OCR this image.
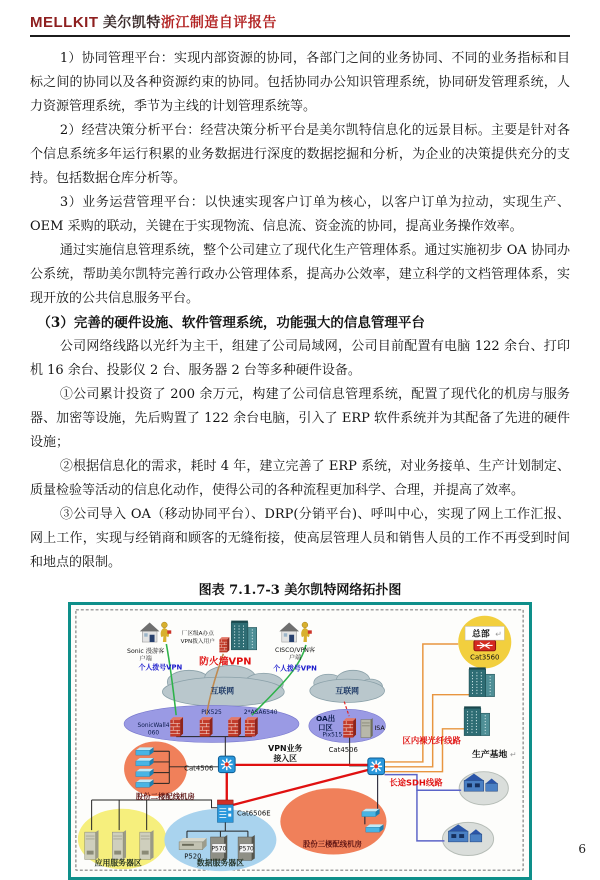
MELLKIT 美尔凯特浙江制造自评报告

1）协同管理平台：实现内部资源的协同，各部门之间的业务协同、不同的业务指标和目标之间的协同以及各种资源约束的协同。包括协同办公知识管理系统，协同研发管理系统，人力资源管理系统，季节为主线的计划管理系统等。

2）经营决策分析平台：经营决策分析平台是美尔凯特信息化的远景目标。主要是针对各个信息系统多年运行积累的业务数据进行深度的数据挖掘和分析，为企业的决策提供充分的支持。包括数据仓库分析等。

3）业务运营管理平台：以快速实现客户订单为核心，以客户订单为拉动，实现生产、OEM 采购的联动，关键在于实现物流、信息流、资金流的协同，提高业务操作效率。

通过实施信息管理系统，整个公司建立了现代化生产管理体系。通过实施初步 OA 协同办公系统，帮助美尔凯特完善行政办公管理体系，提高办公效率，建立科学的文档管理体系，实现开放的公共信息服务平台。

（3）完善的硬件设施、软件管理系统，功能强大的信息管理平台

公司网络线路以光纤为主干，组建了公司局域网，公司目前配置有电脑 122 余台、打印机 16 余台、投影仪 2 台、服务器 2 台等多种硬件设备。

①公司累计投资了 200 余万元，构建了公司信息管理系统，配置了现代化的机房与服务器、加密等设施，先后购置了 122 余台电脑，引入了 ERP 软件系统并为其配备了先进的硬件设施；

②根据信息化的需求，耗时 4 年，建立完善了 ERP 系统，对业务接单、生产计划制定、质量检验等活动的信息化动作，使得公司的各种流程更加科学、合理，并提高了效率。

③公司导入 OA（移动协同平台）、DRP(分销平台)、呼叫中心，实现了网上工作汇报、网上工作，实现与经销商和顾客的无缝衔接，使高层管理人员和销售人员的工作不再受到时间和地点的限制。

图表 7.1.7-3 美尔凯特网络拓扑图

Sonic 漫游客
户端
个人拨号VPN
厂区级A办点
VPN拨入用户
防火墙VPN
CISCO/VPN客
户端
个人拨号VPN
互联网	互联网
SonicWall4
060
PIX525	2*ASA6540
OA出
口区
Pix515
ISA
Cat4506
Cat4506
Cat6506E
Cat3560
VPN业务
接入区
区内裸光纤线路
长途SDH线路
总部 ↵
生产基地 ↵
股份二楼配线机房
股份三楼配线机房
应用服务器区	数据服务器区
P520
P570 P570	6
